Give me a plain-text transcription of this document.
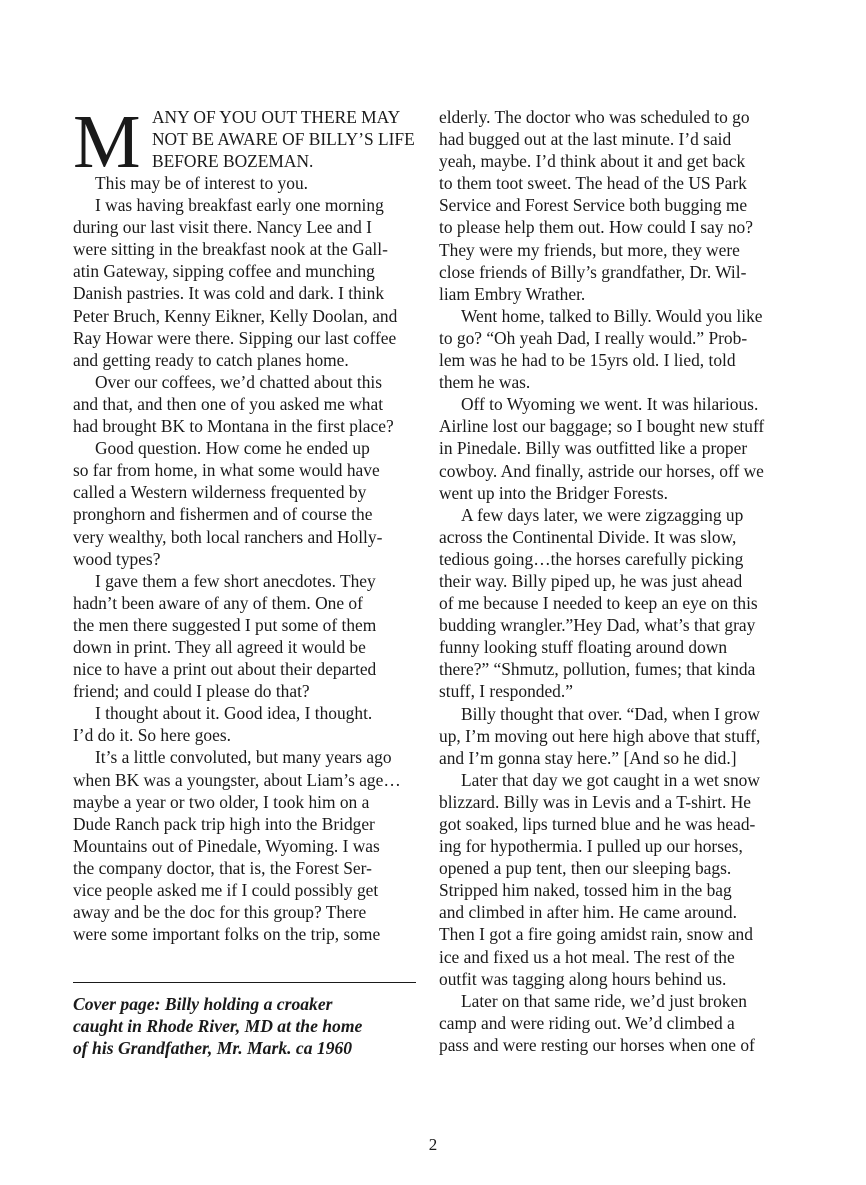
M ANY OF YOU OUT THERE MAY
NOT BE AWARE OF BILLY’S LIFE
BEFORE BOZEMAN.
This may be of interest to you.
I was having breakfast early one morning
during our last visit there. Nancy Lee and I
were sitting in the breakfast nook at the Gall-
atin Gateway, sipping coffee and munching
Danish pastries. It was cold and dark. I think
Peter Bruch, Kenny Eikner, Kelly Doolan, and
Ray Howar were there. Sipping our last coffee
and getting ready to catch planes home.
Over our coffees, we’d chatted about this
and that, and then one of you asked me what
had brought BK to Montana in the first place?
Good question. How come he ended up
so far from home, in what some would have
called a Western wilderness frequented by
pronghorn and fishermen and of course the
very wealthy, both local ranchers and Holly-
wood types?
I gave them a few short anecdotes. They
hadn’t been aware of any of them. One of
the men there suggested I put some of them
down in print. They all agreed it would be
nice to have a print out about their departed
friend; and could I please do that?
I thought about it. Good idea, I thought.
I’d do it. So here goes.
It’s a little convoluted, but many years ago
when BK was a youngster, about Liam’s age…
maybe a year or two older, I took him on a
Dude Ranch pack trip high into the Bridger
Mountains out of Pinedale, Wyoming. I was
the company doctor, that is, the Forest Ser-
vice people asked me if I could possibly get
away and be the doc for this group? There
were some important folks on the trip, some
elderly. The doctor who was scheduled to go
had bugged out at the last minute. I’d said
yeah, maybe. I’d think about it and get back
to them toot sweet. The head of the US Park
Service and Forest Service both bugging me
to please help them out. How could I say no?
They were my friends, but more, they were
close friends of Billy’s grandfather, Dr. Wil-
liam Embry Wrather.
Went home, talked to Billy. Would you like
to go? “Oh yeah Dad, I really would.” Prob-
lem was he had to be 15yrs old. I lied, told
them he was.
Off to Wyoming we went. It was hilarious.
Airline lost our baggage; so I bought new stuff
in Pinedale. Billy was outfitted like a proper
cowboy. And finally, astride our horses, off we
went up into the Bridger Forests.
A few days later, we were zigzagging up
across the Continental Divide. It was slow,
tedious going…the horses carefully picking
their way. Billy piped up, he was just ahead
of me because I needed to keep an eye on this
budding wrangler.”Hey Dad, what’s that gray
funny looking stuff floating around down
there?” “Shmutz, pollution, fumes; that kinda
stuff, I responded.”
Billy thought that over. “Dad, when I grow
up, I’m moving out here high above that stuff,
and I’m gonna stay here.” [And so he did.]
Later that day we got caught in a wet snow
blizzard. Billy was in Levis and a T-shirt. He
got soaked, lips turned blue and he was head-
ing for hypothermia. I pulled up our horses,
opened a pup tent, then our sleeping bags.
Stripped him naked, tossed him in the bag
and climbed in after him. He came around.
Then I got a fire going amidst rain, snow and
ice and fixed us a hot meal. The rest of the
outfit was tagging along hours behind us.
Later on that same ride, we’d just broken
camp and were riding out. We’d climbed a
pass and were resting our horses when one of
Cover page: Billy holding a croaker
caught in Rhode River, MD at the home
of his Grandfather, Mr. Mark. ca 1960
2
